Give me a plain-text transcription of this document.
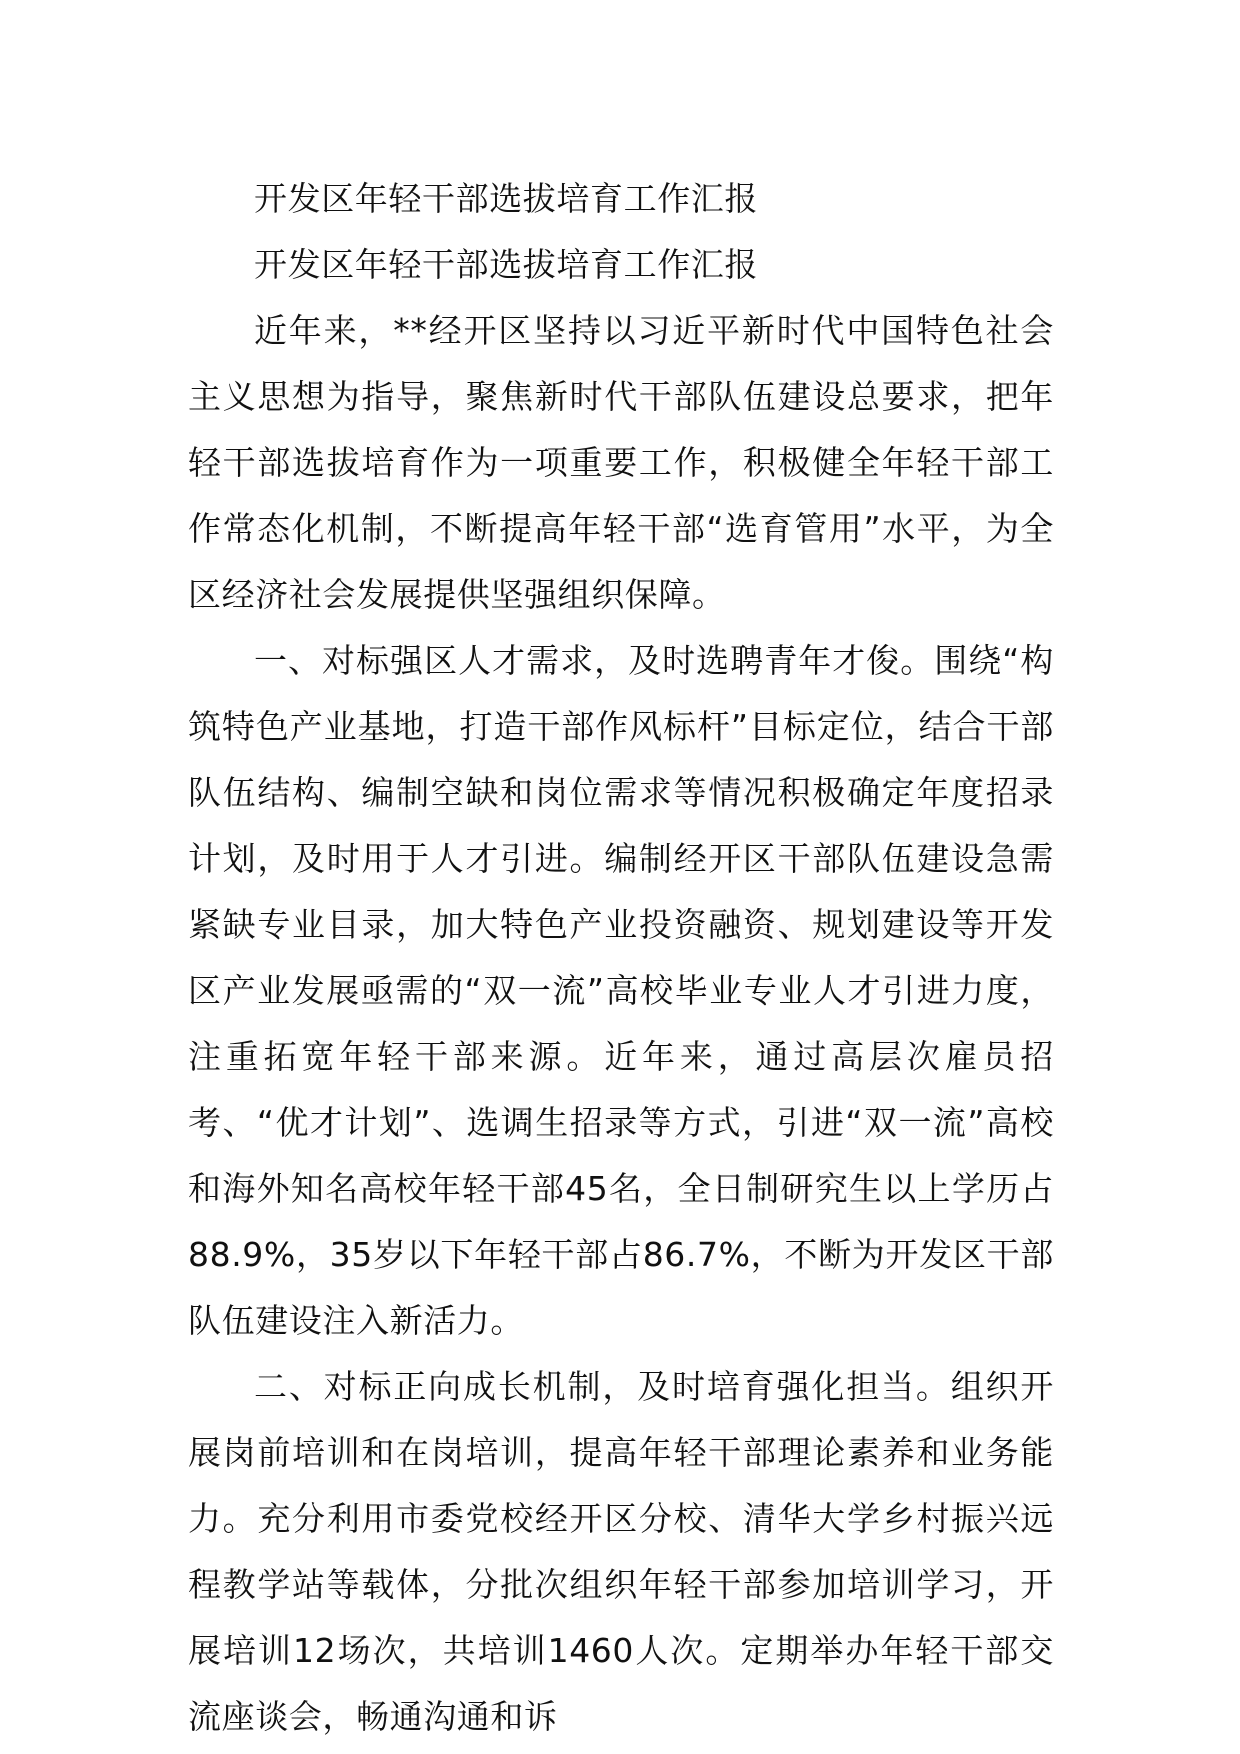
开发区年轻干部选拔培育工作汇报

开发区年轻干部选拔培育工作汇报

近年来，**经开区坚持以习近平新时代中国特色社会主义思想为指导，聚焦新时代干部队伍建设总要求，把年轻干部选拔培育作为一项重要工作，积极健全年轻干部工作常态化机制，不断提高年轻干部“选育管用”水平，为全区经济社会发展提供坚强组织保障。

一、对标强区人才需求，及时选聘青年才俊。围绕“构筑特色产业基地，打造干部作风标杆”目标定位，结合干部队伍结构、编制空缺和岗位需求等情况积极确定年度招录计划，及时用于人才引进。编制经开区干部队伍建设急需紧缺专业目录，加大特色产业投资融资、规划建设等开发区产业发展亟需的“双一流”高校毕业专业人才引进力度，注重拓宽年轻干部来源。近年来，通过高层次雇员招考、“优才计划”、选调生招录等方式，引进“双一流”高校和海外知名高校年轻干部45名，全日制研究生以上学历占88.9%，35岁以下年轻干部占86.7%，不断为开发区干部队伍建设注入新活力。

二、对标正向成长机制，及时培育强化担当。组织开展岗前培训和在岗培训，提高年轻干部理论素养和业务能力。充分利用市委党校经开区分校、清华大学乡村振兴远程教学站等载体，分批次组织年轻干部参加培训学习，开展培训12场次，共培训1460人次。定期举办年轻干部交流座谈会，畅通沟通和诉
